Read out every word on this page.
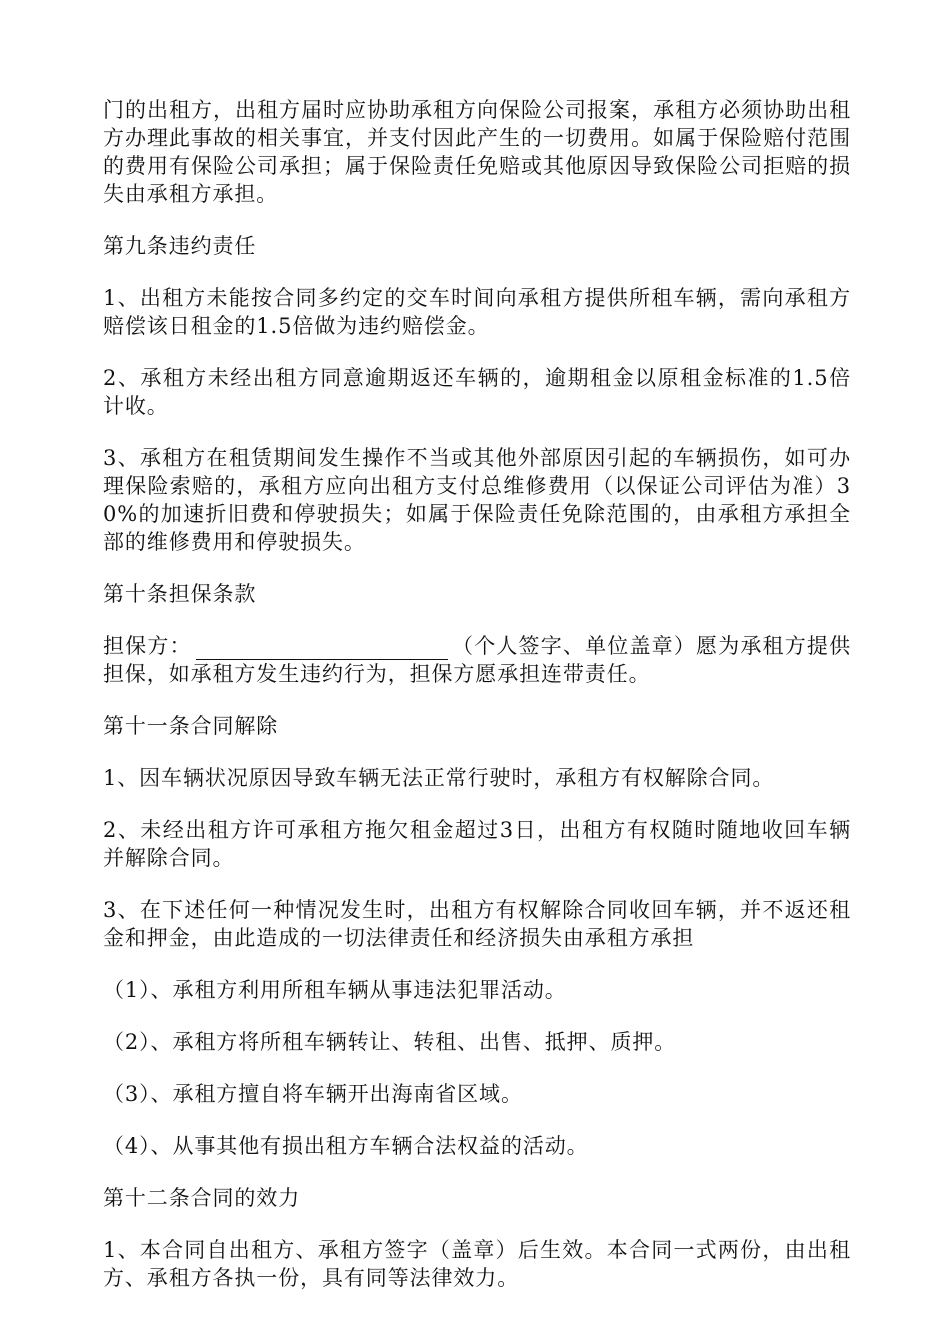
门的出租方，出租方届时应协助承租方向保险公司报案，承租方必须协助出租方办理此事故的相关事宜，并支付因此产生的一切费用。如属于保险赔付范围的费用有保险公司承担；属于保险责任免赔或其他原因导致保险公司拒赔的损失由承租方承担。

第九条违约责任

1、出租方未能按合同多约定的交车时间向承租方提供所租车辆，需向承租方赔偿该日租金的1.5倍做为违约赔偿金。

2、承租方未经出租方同意逾期返还车辆的，逾期租金以原租金标准的1.5倍计收。

3、承租方在租赁期间发生操作不当或其他外部原因引起的车辆损伤，如可办理保险索赔的，承租方应向出租方支付总维修费用（以保证公司评估为准）30%的加速折旧费和停驶损失；如属于保险责任免除范围的，由承租方承担全部的维修费用和停驶损失。

第十条担保条款

担保方：	（个人签字、单位盖章）愿为承租方提供担保，如承租方发生违约行为，担保方愿承担连带责任。

第十一条合同解除

1、因车辆状况原因导致车辆无法正常行驶时，承租方有权解除合同。

2、未经出租方许可承租方拖欠租金超过3日，出租方有权随时随地收回车辆并解除合同。

3、在下述任何一种情况发生时，出租方有权解除合同收回车辆，并不返还租金和押金，由此造成的一切法律责任和经济损失由承租方承担

（1）、承租方利用所租车辆从事违法犯罪活动。

（2）、承租方将所租车辆转让、转租、出售、抵押、质押。

（3）、承租方擅自将车辆开出海南省区域。

（4）、从事其他有损出租方车辆合法权益的活动。

第十二条合同的效力

1、本合同自出租方、承租方签字（盖章）后生效。本合同一式两份，由出租方、承租方各执一份，具有同等法律效力。
